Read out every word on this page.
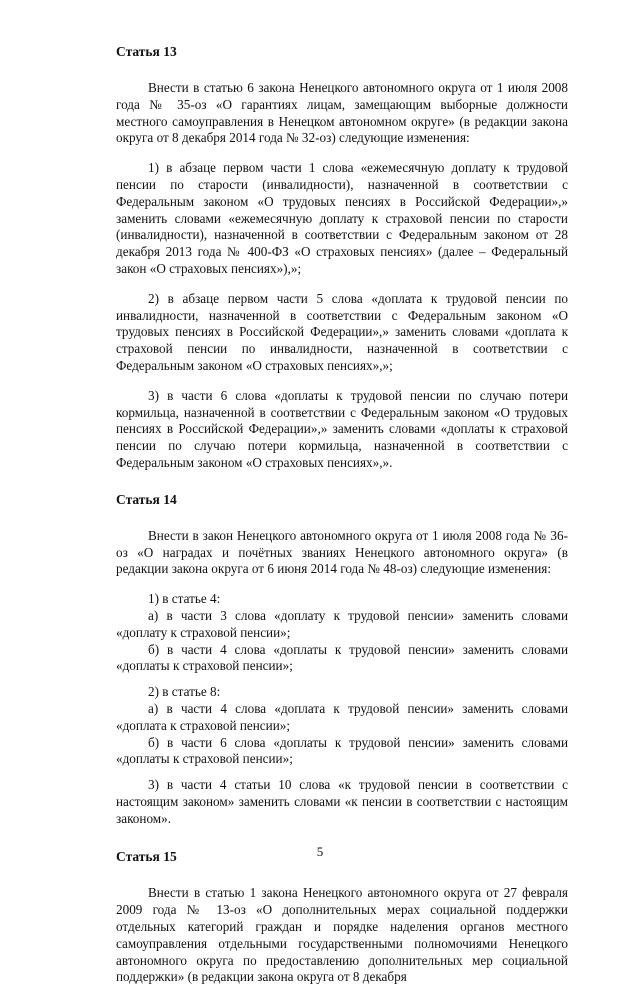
Статья 13

Внести в статью 6 закона Ненецкого автономного округа от 1 июля 2008 года № 35-оз «О гарантиях лицам, замещающим выборные должности местного самоуправления в Ненецком автономном округе» (в редакции закона округа от 8 декабря 2014 года № 32-оз) следующие изменения:

1) в абзаце первом части 1 слова «ежемесячную доплату к трудовой пенсии по старости (инвалидности), назначенной в соответствии с Федеральным законом «О трудовых пенсиях в Российской Федерации»,» заменить словами «ежемесячную доплату к страховой пенсии по старости (инвалидности), назначенной в соответствии с Федеральным законом от 28 декабря 2013 года № 400-ФЗ «О страховых пенсиях» (далее – Федеральный закон «О страховых пенсиях»),»;

2) в абзаце первом части 5 слова «доплата к трудовой пенсии по инвалидности, назначенной в соответствии с Федеральным законом «О трудовых пенсиях в Российской Федерации»,» заменить словами «доплата к страховой пенсии по инвалидности, назначенной в соответствии с Федеральным законом «О страховых пенсиях»,»;

3) в части 6 слова «доплаты к трудовой пенсии по случаю потери кормильца, назначенной в соответствии с Федеральным законом «О трудовых пенсиях в Российской Федерации»,» заменить словами «доплаты к страховой пенсии по случаю потери кормильца, назначенной в соответствии с Федеральным законом «О страховых пенсиях»,».

Статья 14

Внести в закон Ненецкого автономного округа от 1 июля 2008 года № 36-оз «О наградах и почётных званиях Ненецкого автономного округа» (в редакции закона округа от 6 июня 2014 года № 48-оз) следующие изменения:

1) в статье 4:

а) в части 3 слова «доплату к трудовой пенсии» заменить словами «доплату к страховой пенсии»;

б) в части 4 слова «доплаты к трудовой пенсии» заменить словами «доплаты к страховой пенсии»;

2) в статье 8:

а) в части 4 слова «доплата к трудовой пенсии» заменить словами «доплата к страховой пенсии»;

б) в части 6 слова «доплаты к трудовой пенсии» заменить словами «доплаты к страховой пенсии»;

3) в части 4 статьи 10 слова «к трудовой пенсии в соответствии с настоящим законом» заменить словами «к пенсии в соответствии с настоящим законом».

Статья 15

Внести в статью 1 закона Ненецкого автономного округа от 27 февраля 2009 года № 13-оз «О дополнительных мерах социальной поддержки отдельных категорий граждан и порядке наделения органов местного самоуправления отдельными государственными полномочиями Ненецкого автономного округа по предоставлению дополнительных мер социальной поддержки» (в редакции закона округа от 8 декабря

5
